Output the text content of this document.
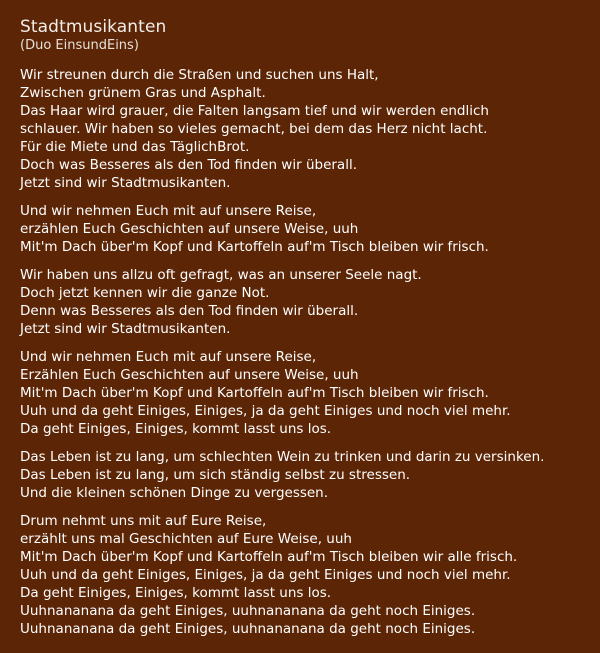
Stadtmusikanten
(Duo EinsundEins)
Wir streunen durch die Straßen und suchen uns Halt,
Zwischen grünem Gras und Asphalt.
Das Haar wird grauer, die Falten langsam tief und wir werden endlich
schlauer. Wir haben so vieles gemacht, bei dem das Herz nicht lacht.
Für die Miete und das TäglichBrot.
Doch was Besseres als den Tod finden wir überall.
Jetzt sind wir Stadtmusikanten.
Und wir nehmen Euch mit auf unsere Reise,
erzählen Euch Geschichten auf unsere Weise, uuh
Mit'm Dach über'm Kopf und Kartoffeln auf'm Tisch bleiben wir frisch.
Wir haben uns allzu oft gefragt, was an unserer Seele nagt.
Doch jetzt kennen wir die ganze Not.
Denn was Besseres als den Tod finden wir überall.
Jetzt sind wir Stadtmusikanten.
Und wir nehmen Euch mit auf unsere Reise,
Erzählen Euch Geschichten auf unsere Weise, uuh
Mit'm Dach über'm Kopf und Kartoffeln auf'm Tisch bleiben wir frisch.
Uuh und da geht Einiges, Einiges, ja da geht Einiges und noch viel mehr.
Da geht Einiges, Einiges, kommt lasst uns los.
Das Leben ist zu lang, um schlechten Wein zu trinken und darin zu versinken.
Das Leben ist zu lang, um sich ständig selbst zu stressen.
Und die kleinen schönen Dinge zu vergessen.
Drum nehmt uns mit auf Eure Reise,
erzählt uns mal Geschichten auf Eure Weise, uuh
Mit'm Dach über'm Kopf und Kartoffeln auf'm Tisch bleiben wir alle frisch.
Uuh und da geht Einiges, Einiges, ja da geht Einiges und noch viel mehr.
Da geht Einiges, Einiges, kommt lasst uns los.
Uuhnananana da geht Einiges, uuhnananana da geht noch Einiges.
Uuhnananana da geht Einiges, uuhnananana da geht noch Einiges.
